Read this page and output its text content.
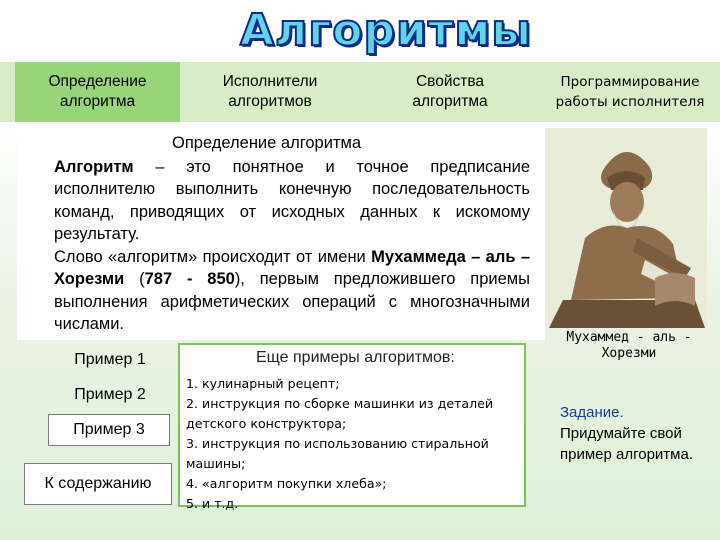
Алгоритмы
Определение
алгоритма
Исполнители
алгоритмов
Свойства
алгоритма
Программирование
работы исполнителя
Определение алгоритма
Алгоритм – это понятное и точное предписание исполнителю выполнить конечную последовательность команд, приводящих от исходных данных к искомому результату.
Слово «алгоритм» происходит от имени Мухаммеда – аль – Хорезми (787 - 850), первым предложившего приемы выполнения арифметических операций с многозначными числами.
Мухаммед - аль -
Хорезми
Пример 1
Пример 2
Пример 3
К содержанию
Еще примеры алгоритмов:
1. кулинарный рецепт;
2. инструкция по сборке машинки из деталей детского конструктора;
3. инструкция по использованию стиральной машины;
4. «алгоритм покупки хлеба»;
5. и т.д.
Задание.
Придумайте свой пример алгоритма.
